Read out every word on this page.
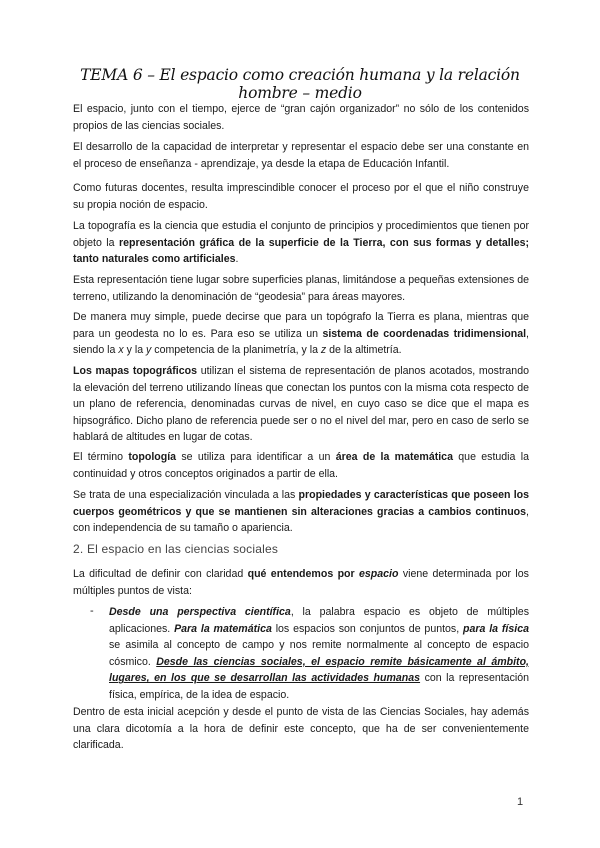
TEMA 6 – El espacio como creación humana y la relación hombre – medio
El espacio, junto con el tiempo, ejerce de “gran cajón organizador” no sólo de los contenidos propios de las ciencias sociales.
El desarrollo de la capacidad de interpretar y representar el espacio debe ser una constante en el proceso de enseñanza - aprendizaje, ya desde la etapa de Educación Infantil.
Como futuras docentes, resulta imprescindible conocer el proceso por el que el niño construye su propia noción de espacio.
La topografía es la ciencia que estudia el conjunto de principios y procedimientos que tienen por objeto la representación gráfica de la superficie de la Tierra, con sus formas y detalles; tanto naturales como artificiales.
Esta representación tiene lugar sobre superficies planas, limitándose a pequeñas extensiones de terreno, utilizando la denominación de “geodesia” para áreas mayores.
De manera muy simple, puede decirse que para un topógrafo la Tierra es plana, mientras que para un geodesta no lo es. Para eso se utiliza un sistema de coordenadas tridimensional, siendo la x y la y competencia de la planimetría, y la z de la altimetría.
Los mapas topográficos utilizan el sistema de representación de planos acotados, mostrando la elevación del terreno utilizando líneas que conectan los puntos con la misma cota respecto de un plano de referencia, denominadas curvas de nivel, en cuyo caso se dice que el mapa es hipsográfico. Dicho plano de referencia puede ser o no el nivel del mar, pero en caso de serlo se hablará de altitudes en lugar de cotas.
El término topología se utiliza para identificar a un área de la matemática que estudia la continuidad y otros conceptos originados a partir de ella.
Se trata de una especialización vinculada a las propiedades y características que poseen los cuerpos geométricos y que se mantienen sin alteraciones gracias a cambios continuos, con independencia de su tamaño o apariencia.
2. El espacio en las ciencias sociales
La dificultad de definir con claridad qué entendemos por espacio viene determinada por los múltiples puntos de vista:
- Desde una perspectiva científica, la palabra espacio es objeto de múltiples aplicaciones. Para la matemática los espacios son conjuntos de puntos, para la física se asimila al concepto de campo y nos remite normalmente al concepto de espacio cósmico. Desde las ciencias sociales, el espacio remite básicamente al ámbito, lugares, en los que se desarrollan las actividades humanas con la representación física, empírica, de la idea de espacio.
Dentro de esta inicial acepción y desde el punto de vista de las Ciencias Sociales, hay además una clara dicotomía a la hora de definir este concepto, que ha de ser convenientemente clarificada.
1
